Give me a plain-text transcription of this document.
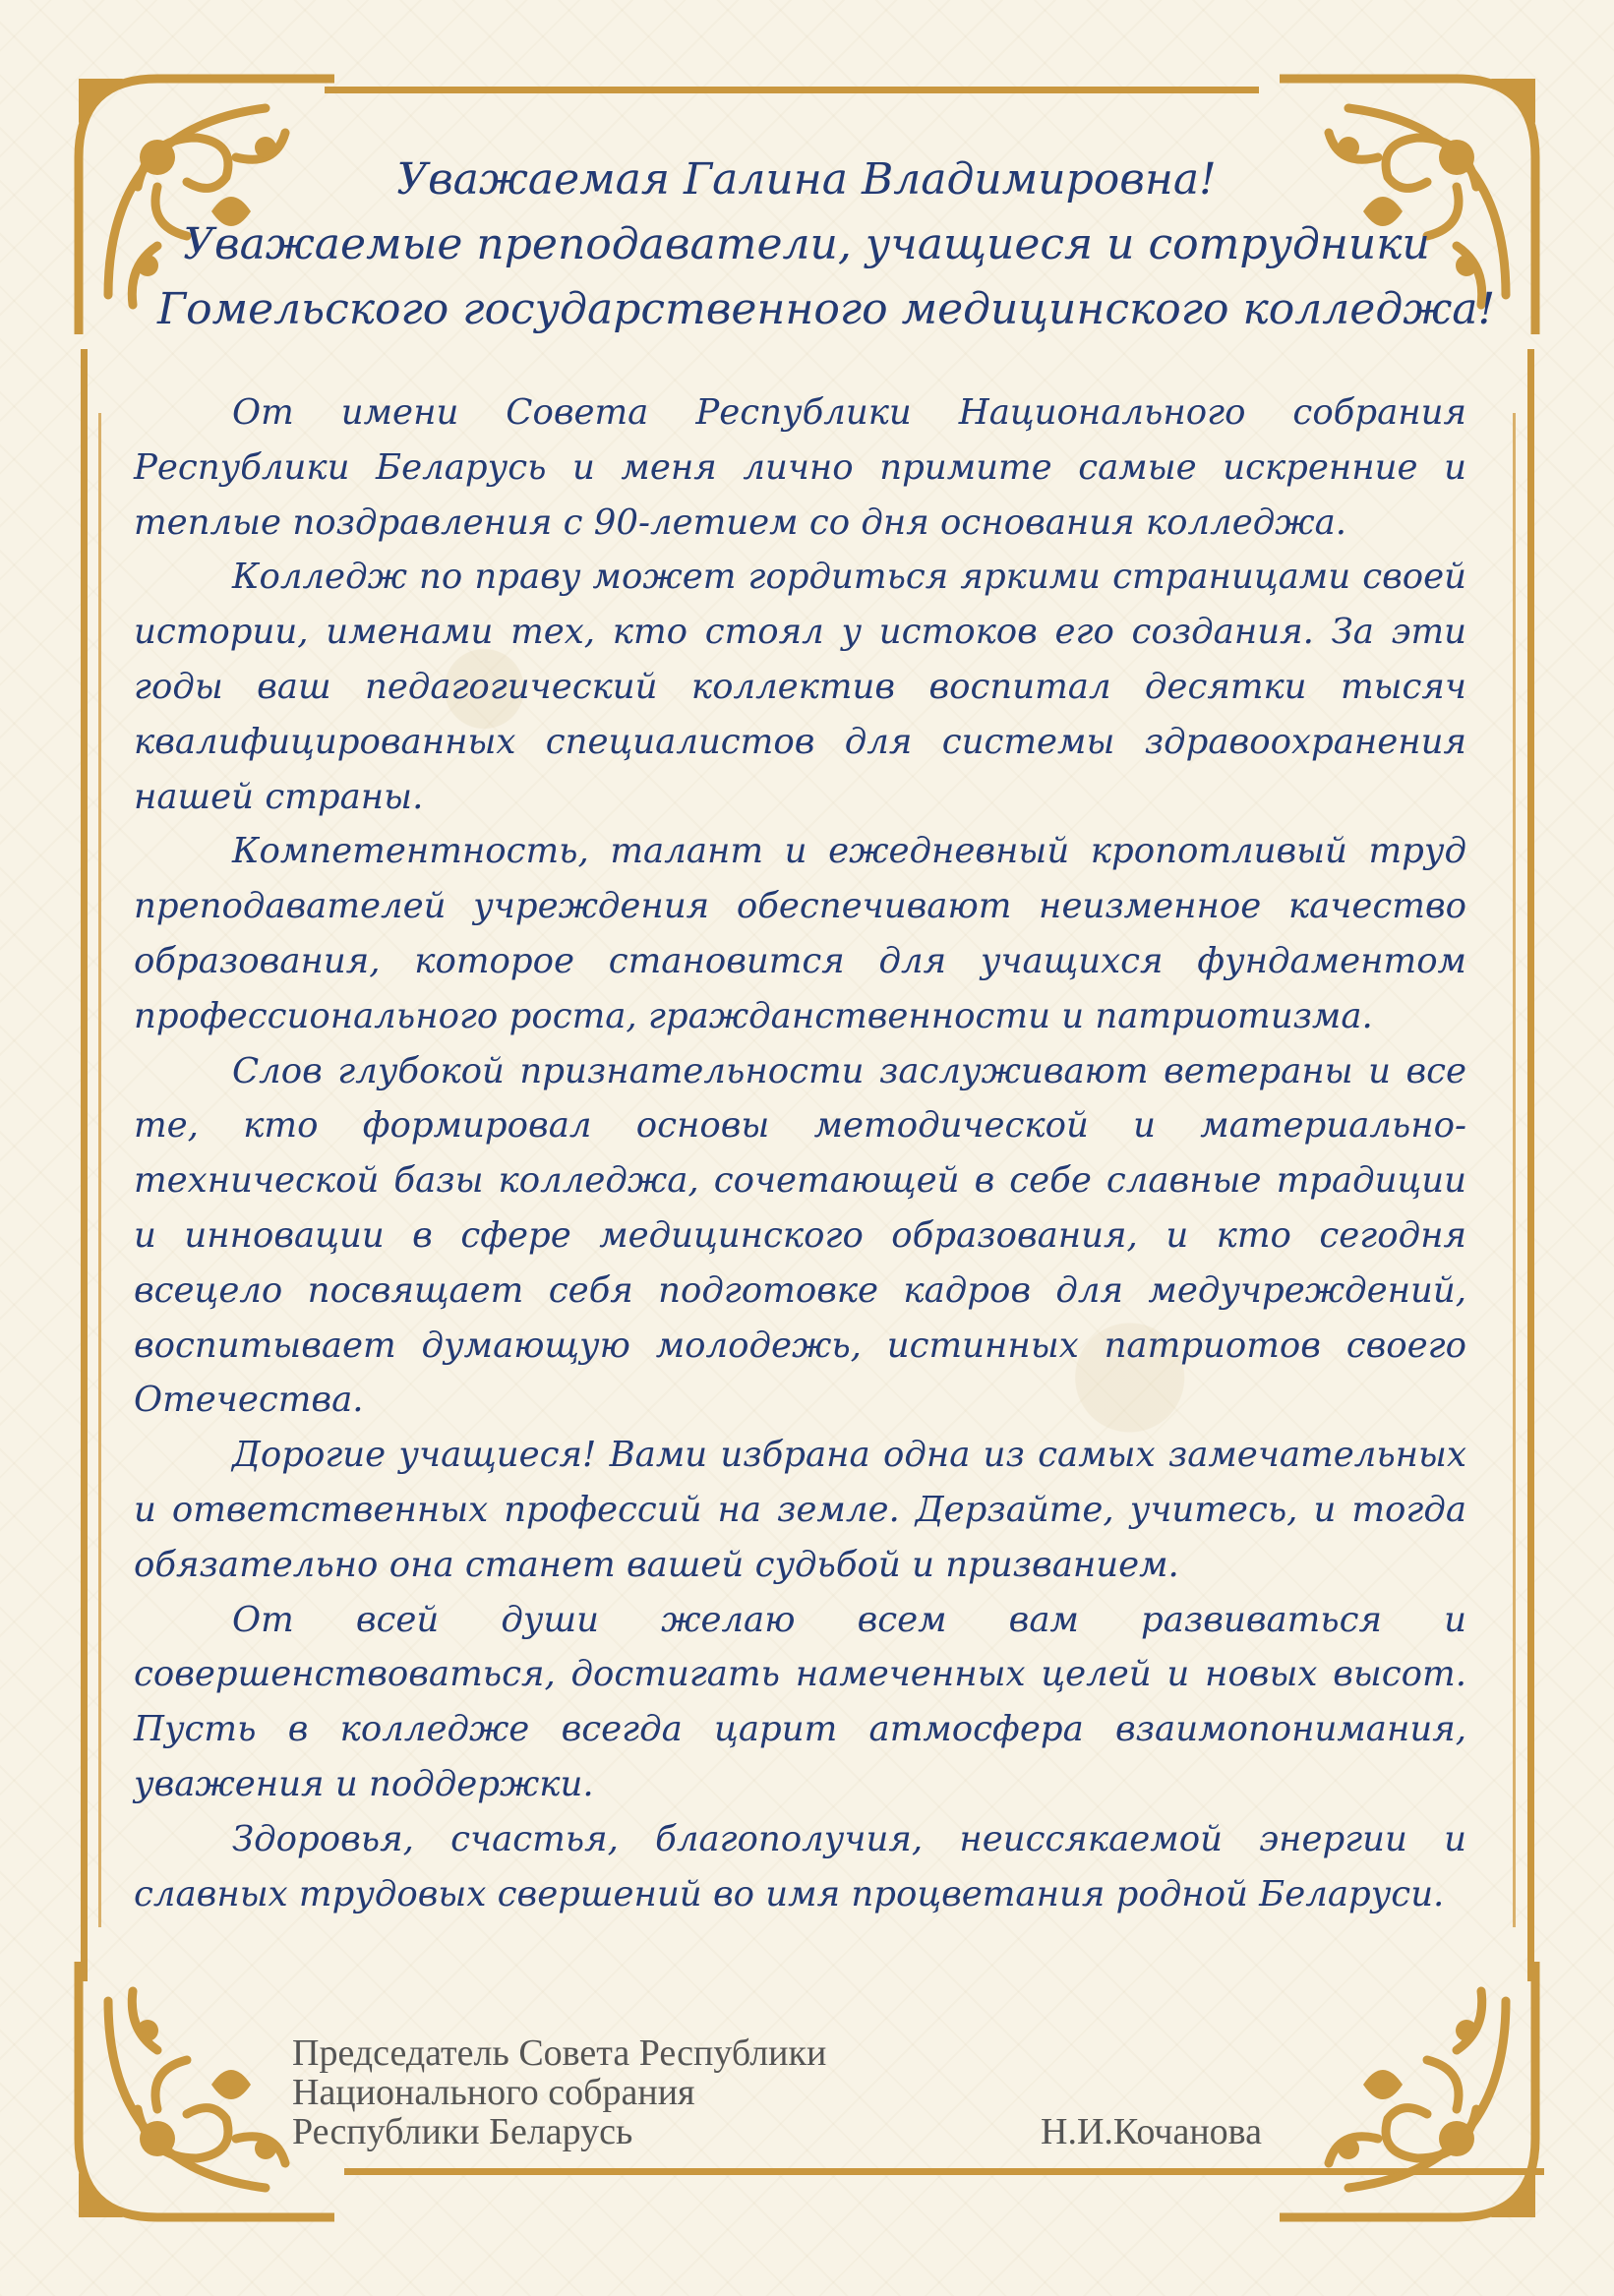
Уважаемая Галина Владимировна!
Уважаемые преподаватели, учащиеся и сотрудники
Гомельского государственного медицинского колледжа!

От имени Совета Республики Национального собрания Республики Беларусь и меня лично примите самые искренние и теплые поздравления с 90-летием со дня основания колледжа.

Колледж по праву может гордиться яркими страницами своей истории, именами тех, кто стоял у истоков его создания. За эти годы ваш педагогический коллектив воспитал десятки тысяч квалифицированных специалистов для системы здравоохранения нашей страны.

Компетентность, талант и ежедневный кропотливый труд преподавателей учреждения обеспечивают неизменное качество образования, которое становится для учащихся фундаментом профессионального роста, гражданственности и патриотизма.

Слов глубокой признательности заслуживают ветераны и все те, кто формировал основы методической и материально-технической базы колледжа, сочетающей в себе славные традиции и инновации в сфере медицинского образования, и кто сегодня всецело посвящает себя подготовке кадров для медучреждений, воспитывает думающую молодежь, истинных патриотов своего Отечества.

Дорогие учащиеся! Вами избрана одна из самых замечательных и ответственных профессий на земле. Дерзайте, учитесь, и тогда обязательно она станет вашей судьбой и призванием.

От всей души желаю всем вам развиваться и совершенствоваться, достигать намеченных целей и новых высот. Пусть в колледже всегда царит атмосфера взаимопонимания, уважения и поддержки.

Здоровья, счастья, благополучия, неиссякаемой энергии и славных трудовых свершений во имя процветания родной Беларуси.

Председатель Совета Республики
Национального собрания
Республики Беларусь	Н.И.Кочанова
